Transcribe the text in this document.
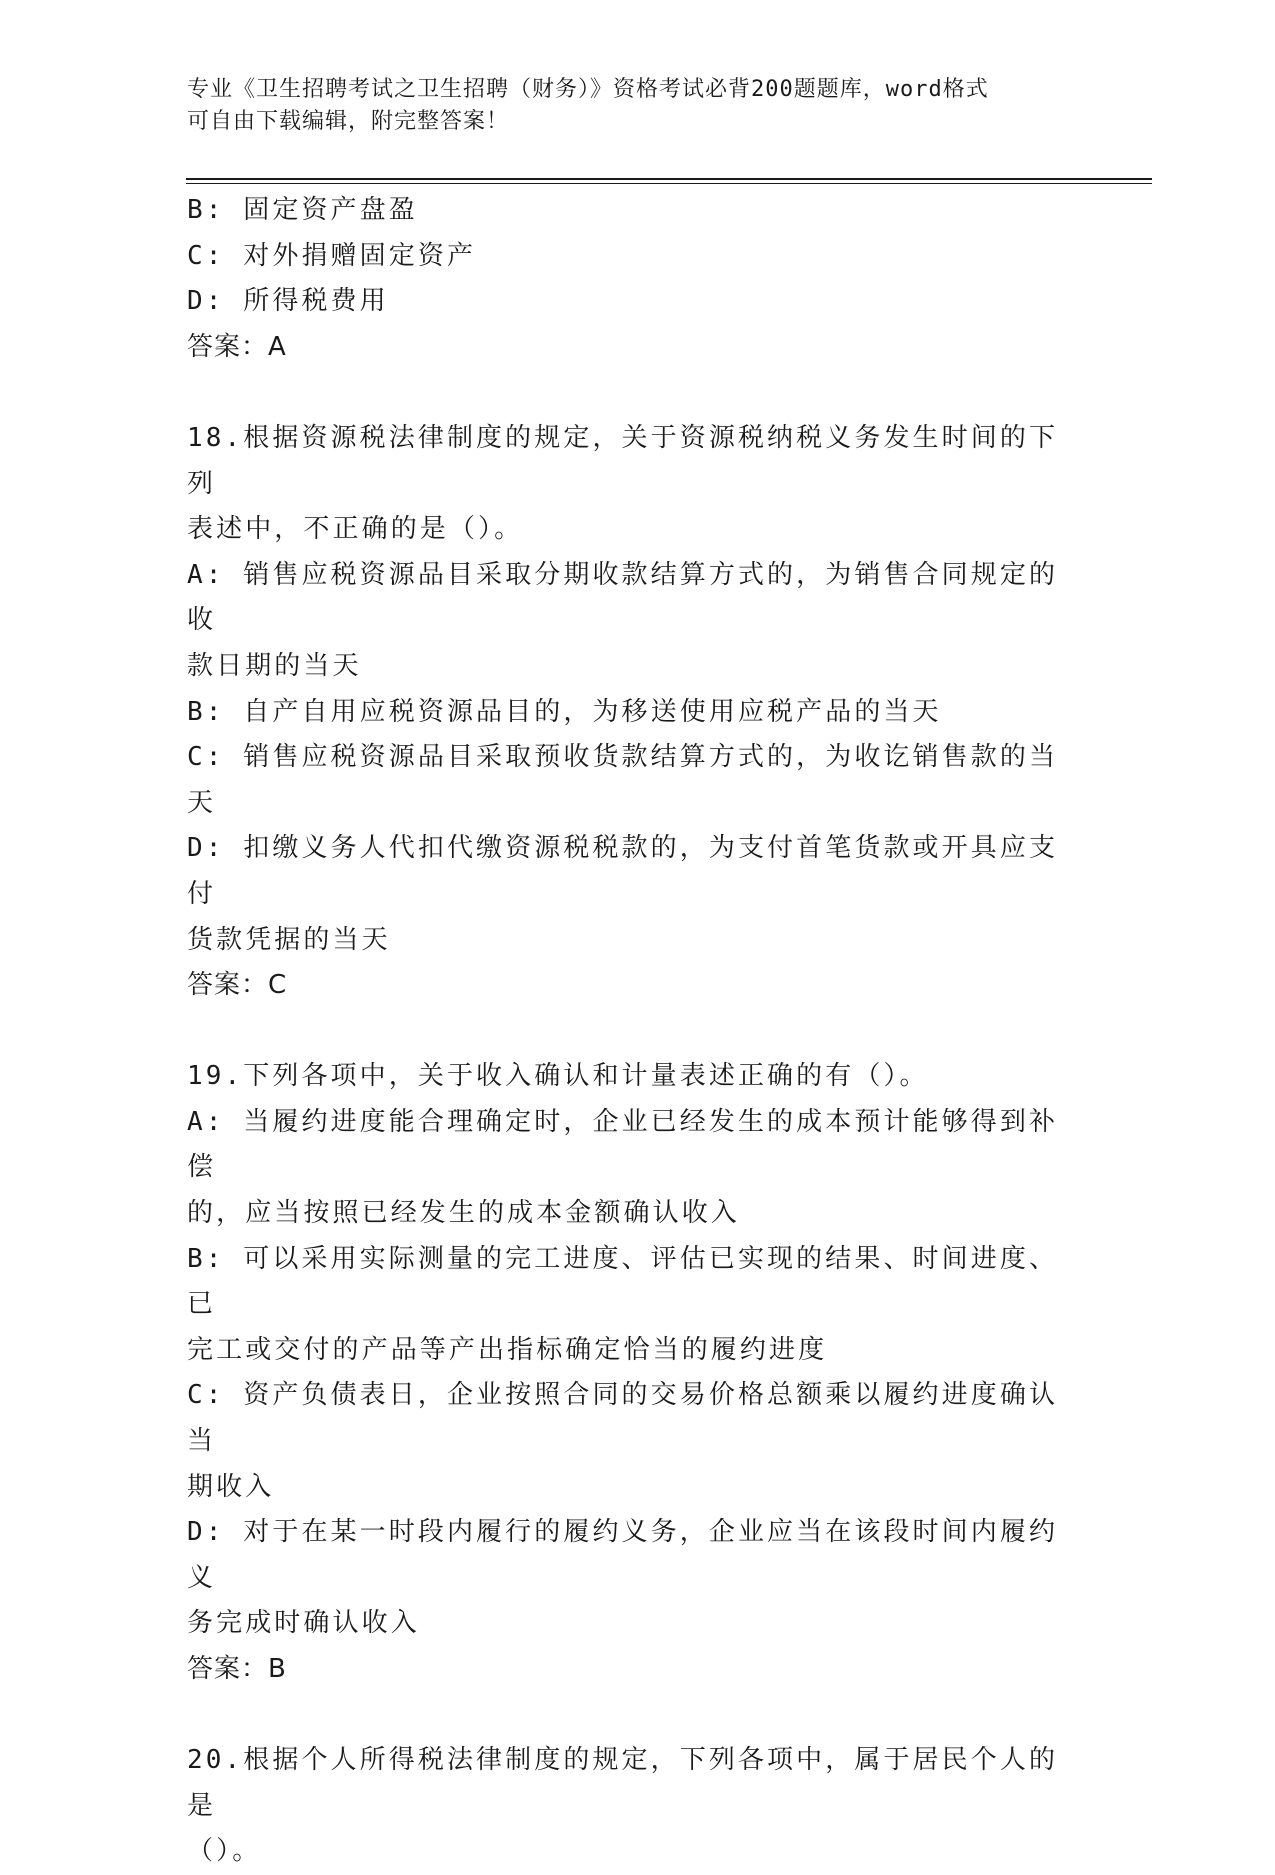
专业《卫生招聘考试之卫生招聘（财务）》资格考试必背200题题库，word格式
可自由下载编辑，附完整答案！
B: 固定资产盘盈
C: 对外捐赠固定资产
D: 所得税费用
答案：A
18.根据资源税法律制度的规定，关于资源税纳税义务发生时间的下列
表述中，不正确的是（）。
A: 销售应税资源品目采取分期收款结算方式的，为销售合同规定的收
款日期的当天
B: 自产自用应税资源品目的，为移送使用应税产品的当天
C: 销售应税资源品目采取预收货款结算方式的，为收讫销售款的当天
D: 扣缴义务人代扣代缴资源税税款的，为支付首笔货款或开具应支付
货款凭据的当天
答案：C
19.下列各项中，关于收入确认和计量表述正确的有（）。
A: 当履约进度能合理确定时，企业已经发生的成本预计能够得到补偿
的，应当按照已经发生的成本金额确认收入
B: 可以采用实际测量的完工进度、评估已实现的结果、时间进度、已
完工或交付的产品等产出指标确定恰当的履约进度
C: 资产负债表日，企业按照合同的交易价格总额乘以履约进度确认当
期收入
D: 对于在某一时段内履行的履约义务，企业应当在该段时间内履约义
务完成时确认收入
答案：B
20.根据个人所得税法律制度的规定，下列各项中，属于居民个人的是
（）。
